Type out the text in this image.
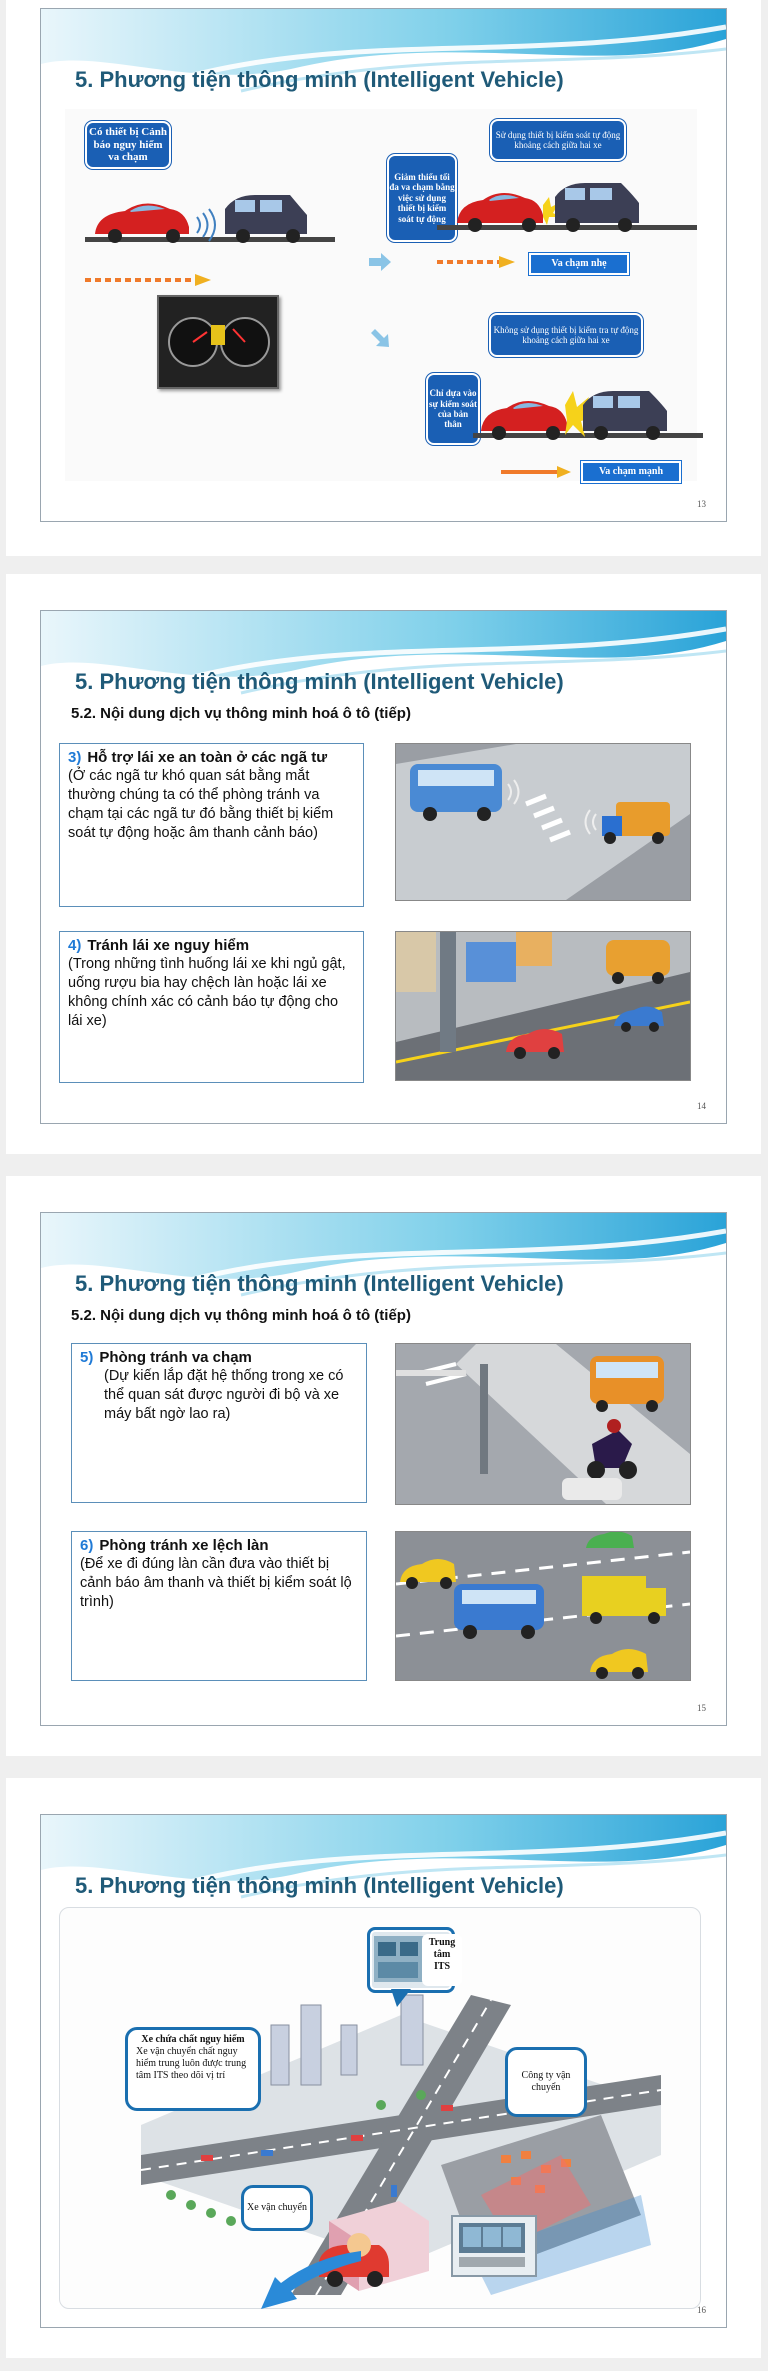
5. Phương tiện thông minh (Intelligent Vehicle)
Có thiết bị Cảnh báo nguy hiểm va chạm
Sử dụng thiết bị kiểm soát tự động khoảng cách giữa hai xe
Giảm thiểu tối đa va chạm bằng việc sử dụng thiết bị kiểm soát tự động
Không sử dụng thiết bị kiểm tra tự động khoảng cách giữa hai xe
Chỉ dựa vào sự kiểm soát của bản thân
Va chạm nhẹ
Va chạm mạnh
13
5. Phương tiện thông minh (Intelligent Vehicle)
5.2. Nội dung dịch vụ thông minh hoá ô tô (tiếp)
3) Hỗ trợ lái xe an toàn ở các ngã tư
(Ở các ngã tư khó quan sát bằng mắt thường chúng ta có thể phòng tránh va chạm tại các ngã tư đó bằng thiết bị kiểm soát tự động hoặc âm thanh cảnh báo)
4) Tránh lái xe nguy hiểm
(Trong những tình huống lái xe khi ngủ gật, uống rượu bia hay chệch làn hoặc lái xe không chính xác có cảnh báo tự động cho lái xe)
14
5. Phương tiện thông minh (Intelligent Vehicle)
5.2. Nội dung dịch vụ thông minh hoá ô tô (tiếp)
5) Phòng tránh va chạm
(Dự kiến lắp đặt hệ thống trong xe có thể quan sát được người đi bộ và xe máy bất ngờ lao ra)
6) Phòng tránh xe lệch làn
(Để xe đi đúng làn cần đưa vào thiết bị cảnh báo âm thanh và thiết bị kiểm soát lộ trình)
15
5. Phương tiện thông minh (Intelligent Vehicle)
Trung tâm ITS
Xe chứa chất nguy hiểm
Xe vận chuyển chất nguy hiểm trung luôn được trung tâm ITS theo dõi vị trí	Công ty vận chuyển
Xe vận chuyển
16
